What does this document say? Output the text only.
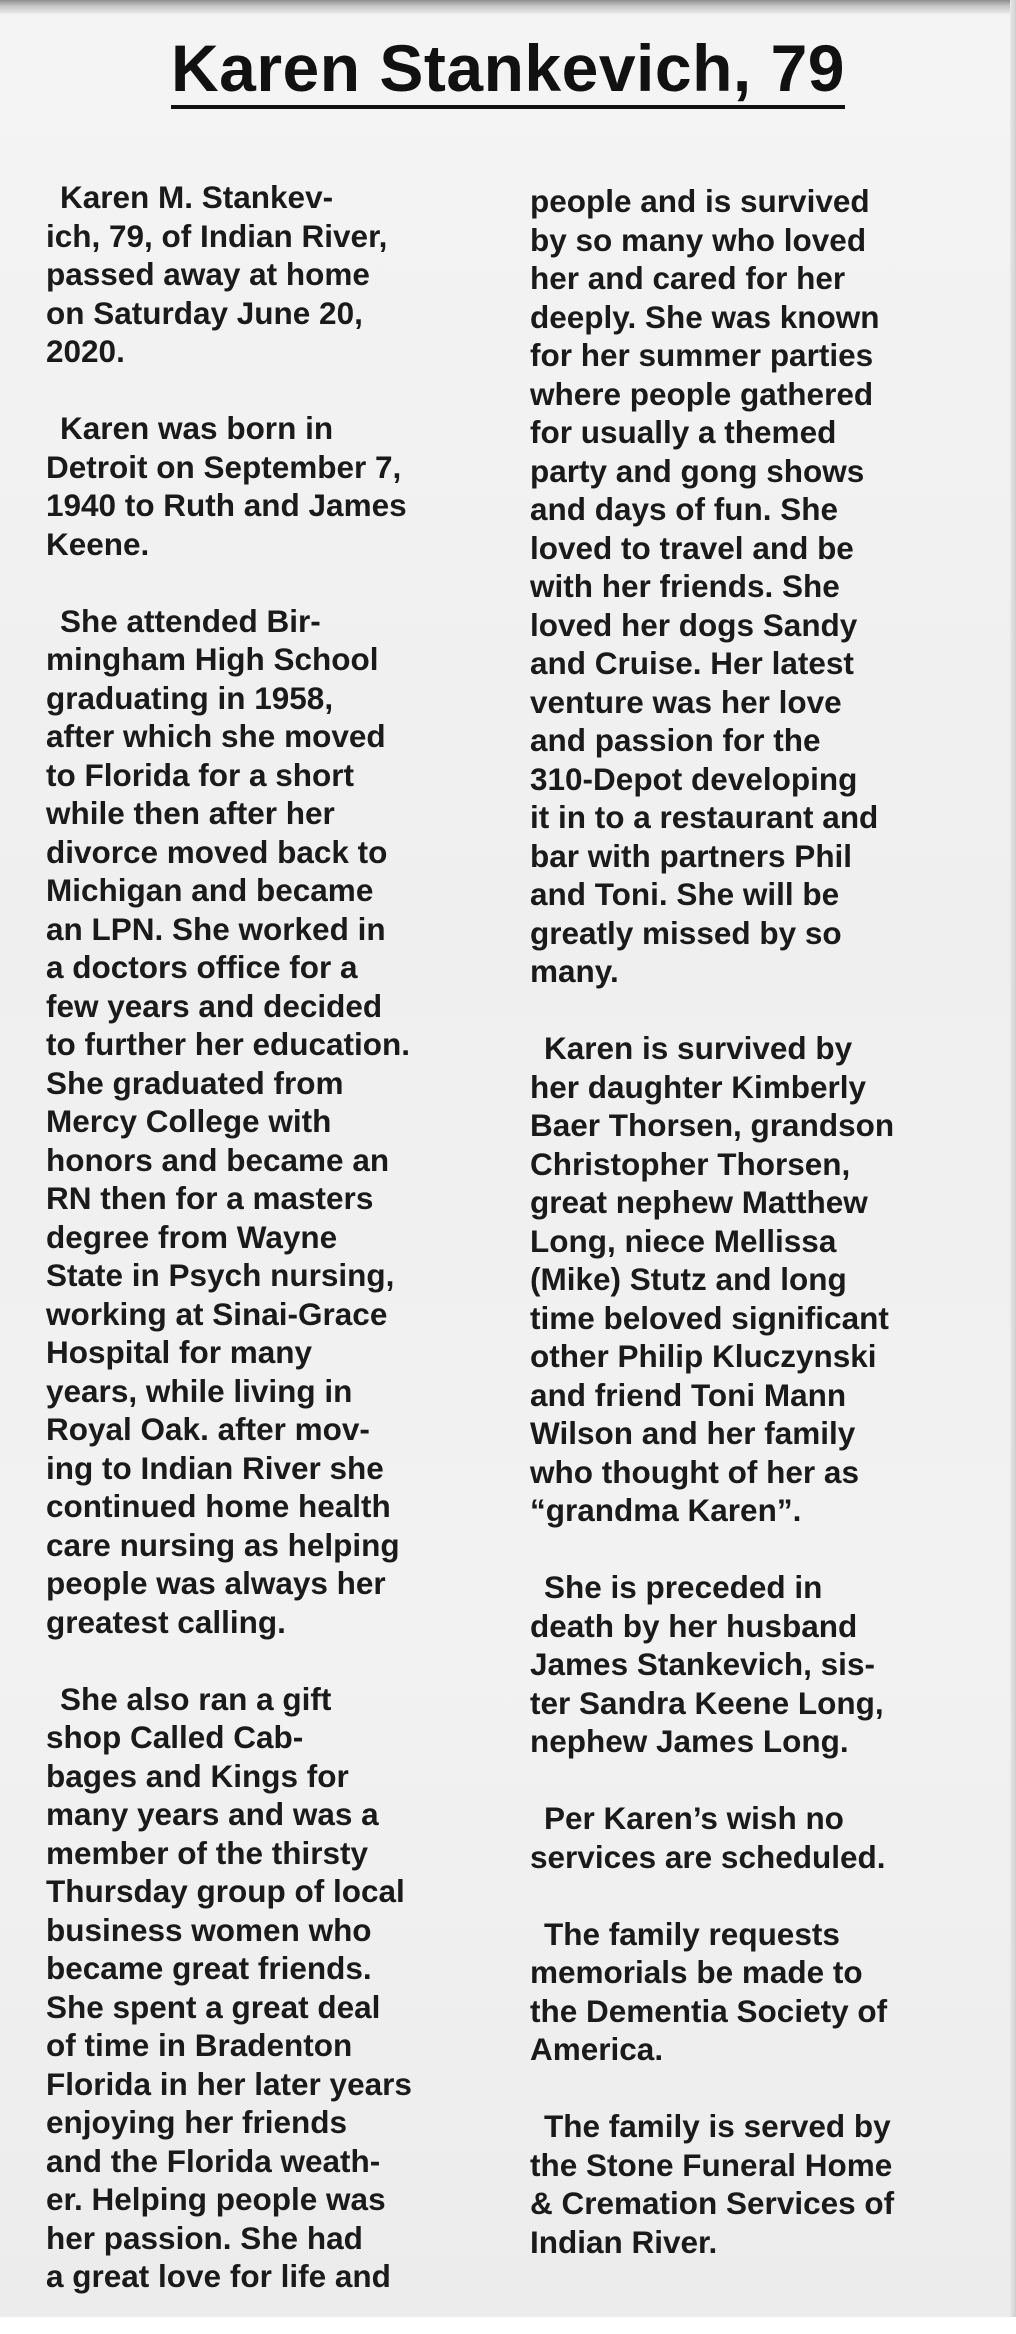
Karen Stankevich, 79
Karen M. Stankev-
ich, 79, of Indian River,
passed away at home
on Saturday June 20,
2020.
Karen was born in
Detroit on September 7,
1940 to Ruth and James
Keene.
She attended Bir-
mingham High School
graduating in 1958,
after which she moved
to Florida for a short
while then after her
divorce moved back to
Michigan and became
an LPN. She worked in
a doctors office for a
few years and decided
to further her education.
She graduated from
Mercy College with
honors and became an
RN then for a masters
degree from Wayne
State in Psych nursing,
working at Sinai-Grace
Hospital for many
years, while living in
Royal Oak. after mov-
ing to Indian River she
continued home health
care nursing as helping
people was always her
greatest calling.
She also ran a gift
shop Called Cab-
bages and Kings for
many years and was a
member of the thirsty
Thursday group of local
business women who
became great friends.
She spent a great deal
of time in Bradenton
Florida in her later years
enjoying her friends
and the Florida weath-
er. Helping people was
her passion. She had
a great love for life and
people and is survived
by so many who loved
her and cared for her
deeply. She was known
for her summer parties
where people gathered
for usually a themed
party and gong shows
and days of fun. She
loved to travel and be
with her friends. She
loved her dogs Sandy
and Cruise. Her latest
venture was her love
and passion for the
310-Depot developing
it in to a restaurant and
bar with partners Phil
and Toni. She will be
greatly missed by so
many.
Karen is survived by
her daughter Kimberly
Baer Thorsen, grandson
Christopher Thorsen,
great nephew Matthew
Long, niece Mellissa
(Mike) Stutz and long
time beloved significant
other Philip Kluczynski
and friend Toni Mann
Wilson and her family
who thought of her as
“grandma Karen”.
She is preceded in
death by her husband
James Stankevich, sis-
ter Sandra Keene Long,
nephew James Long.
Per Karen’s wish no
services are scheduled.
The family requests
memorials be made to
the Dementia Society of
America.
The family is served by
the Stone Funeral Home
& Cremation Services of
Indian River.
